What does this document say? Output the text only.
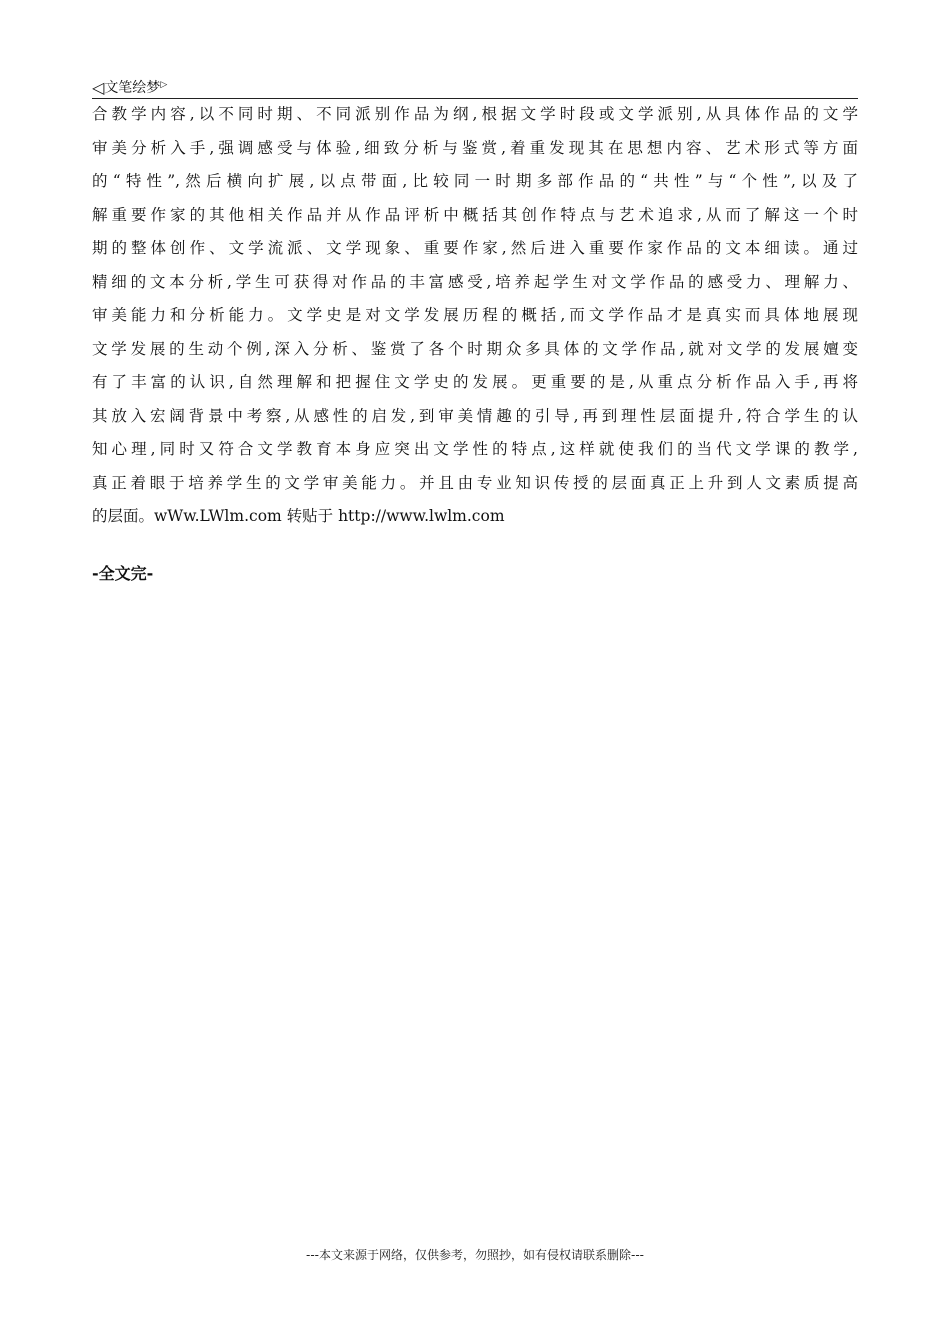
◁文笔绘梦▷
合教学内容,以不同时期、不同派别作品为纲,根据文学时段或文学派别,从具体作品的文学
审美分析入手,强调感受与体验,细致分析与鉴赏,着重发现其在思想内容、艺术形式等方面
的“特性”,然后横向扩展,以点带面,比较同一时期多部作品的“共性”与“个性”,以及了
解重要作家的其他相关作品并从作品评析中概括其创作特点与艺术追求,从而了解这一个时
期的整体创作、文学流派、文学现象、重要作家,然后进入重要作家作品的文本细读。通过
精细的文本分析,学生可获得对作品的丰富感受,培养起学生对文学作品的感受力、理解力、
审美能力和分析能力。文学史是对文学发展历程的概括,而文学作品才是真实而具体地展现
文学发展的生动个例,深入分析、鉴赏了各个时期众多具体的文学作品,就对文学的发展嬗变
有了丰富的认识,自然理解和把握住文学史的发展。更重要的是,从重点分析作品入手,再将
其放入宏阔背景中考察,从感性的启发,到审美情趣的引导,再到理性层面提升,符合学生的认
知心理,同时又符合文学教育本身应突出文学性的特点,这样就使我们的当代文学课的教学,
真正着眼于培养学生的文学审美能力。并且由专业知识传授的层面真正上升到人文素质提高
的层面。wWw.LWlm.com 转贴于 http://www.lwlm.com
-全文完-
---本文来源于网络，仅供参考，勿照抄，如有侵权请联系删除---
